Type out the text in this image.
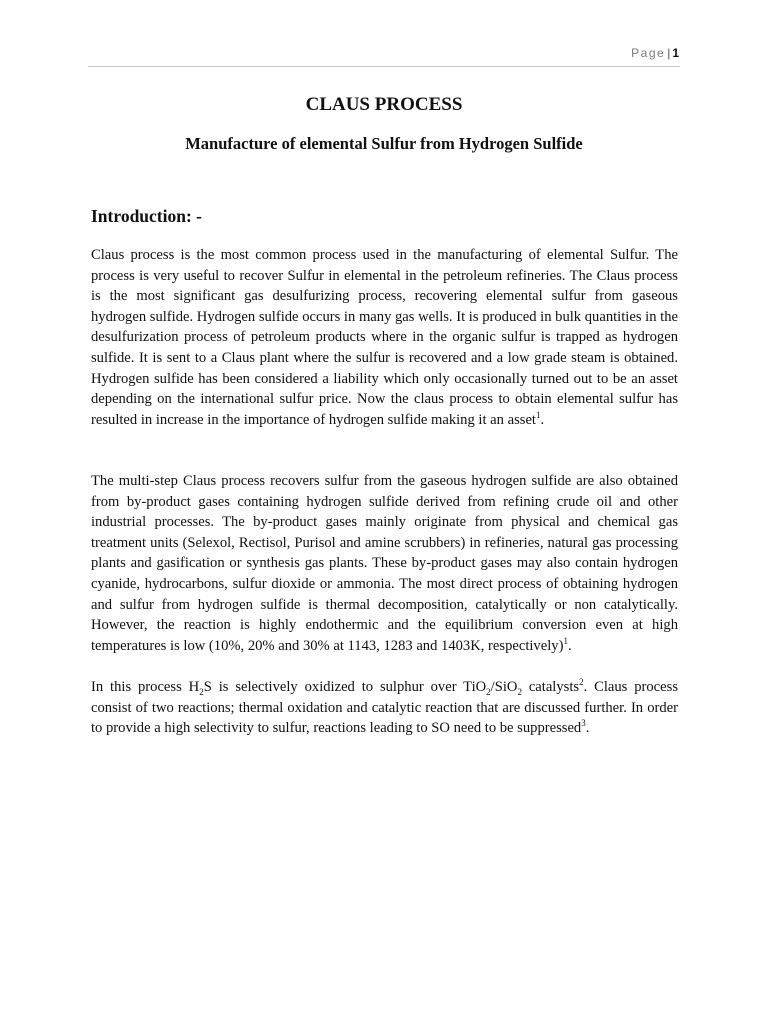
Page | 1
CLAUS PROCESS
Manufacture of elemental Sulfur from Hydrogen Sulfide
Introduction: -

Claus process is the most common process used in the manufacturing of elemental Sulfur. The process is very useful to recover Sulfur in elemental in the petroleum refineries. The Claus process is the most significant gas desulfurizing process, recovering elemental sulfur from gaseous hydrogen sulfide. Hydrogen sulfide occurs in many gas wells. It is produced in bulk quantities in the desulfurization process of petroleum products where in the organic sulfur is trapped as hydrogen sulfide. It is sent to a Claus plant where the sulfur is recovered and a low grade steam is obtained. Hydrogen sulfide has been considered a liability which only occasionally turned out to be an asset depending on the international sulfur price. Now the claus process to obtain elemental sulfur has resulted in increase in the importance of hydrogen sulfide making it an asset$^1$.

The multi-step Claus process recovers sulfur from the gaseous hydrogen sulfide are also obtained from by-product gases containing hydrogen sulfide derived from refining crude oil and other industrial processes. The by-product gases mainly originate from physical and chemical gas treatment units (Selexol, Rectisol, Purisol and amine scrubbers) in refineries, natural gas processing plants and gasification or synthesis gas plants. These by-product gases may also contain hydrogen cyanide, hydrocarbons, sulfur dioxide or ammonia. The most direct process of obtaining hydrogen and sulfur from hydrogen sulfide is thermal decomposition, catalytically or non catalytically. However, the reaction is highly endothermic and the equilibrium conversion even at high temperatures is low (10%, 20% and 30% at 1143, 1283 and 1403K, respectively)$^1$.

In this process $H_2S$ is selectively oxidized to sulphur over TiO$_2$/SiO$_2$ catalysts$^2$. Claus process consist of two reactions; thermal oxidation and catalytic reaction that are discussed further. In order to provide a high selectivity to sulfur, reactions leading to SO need to be suppressed$^3$.
